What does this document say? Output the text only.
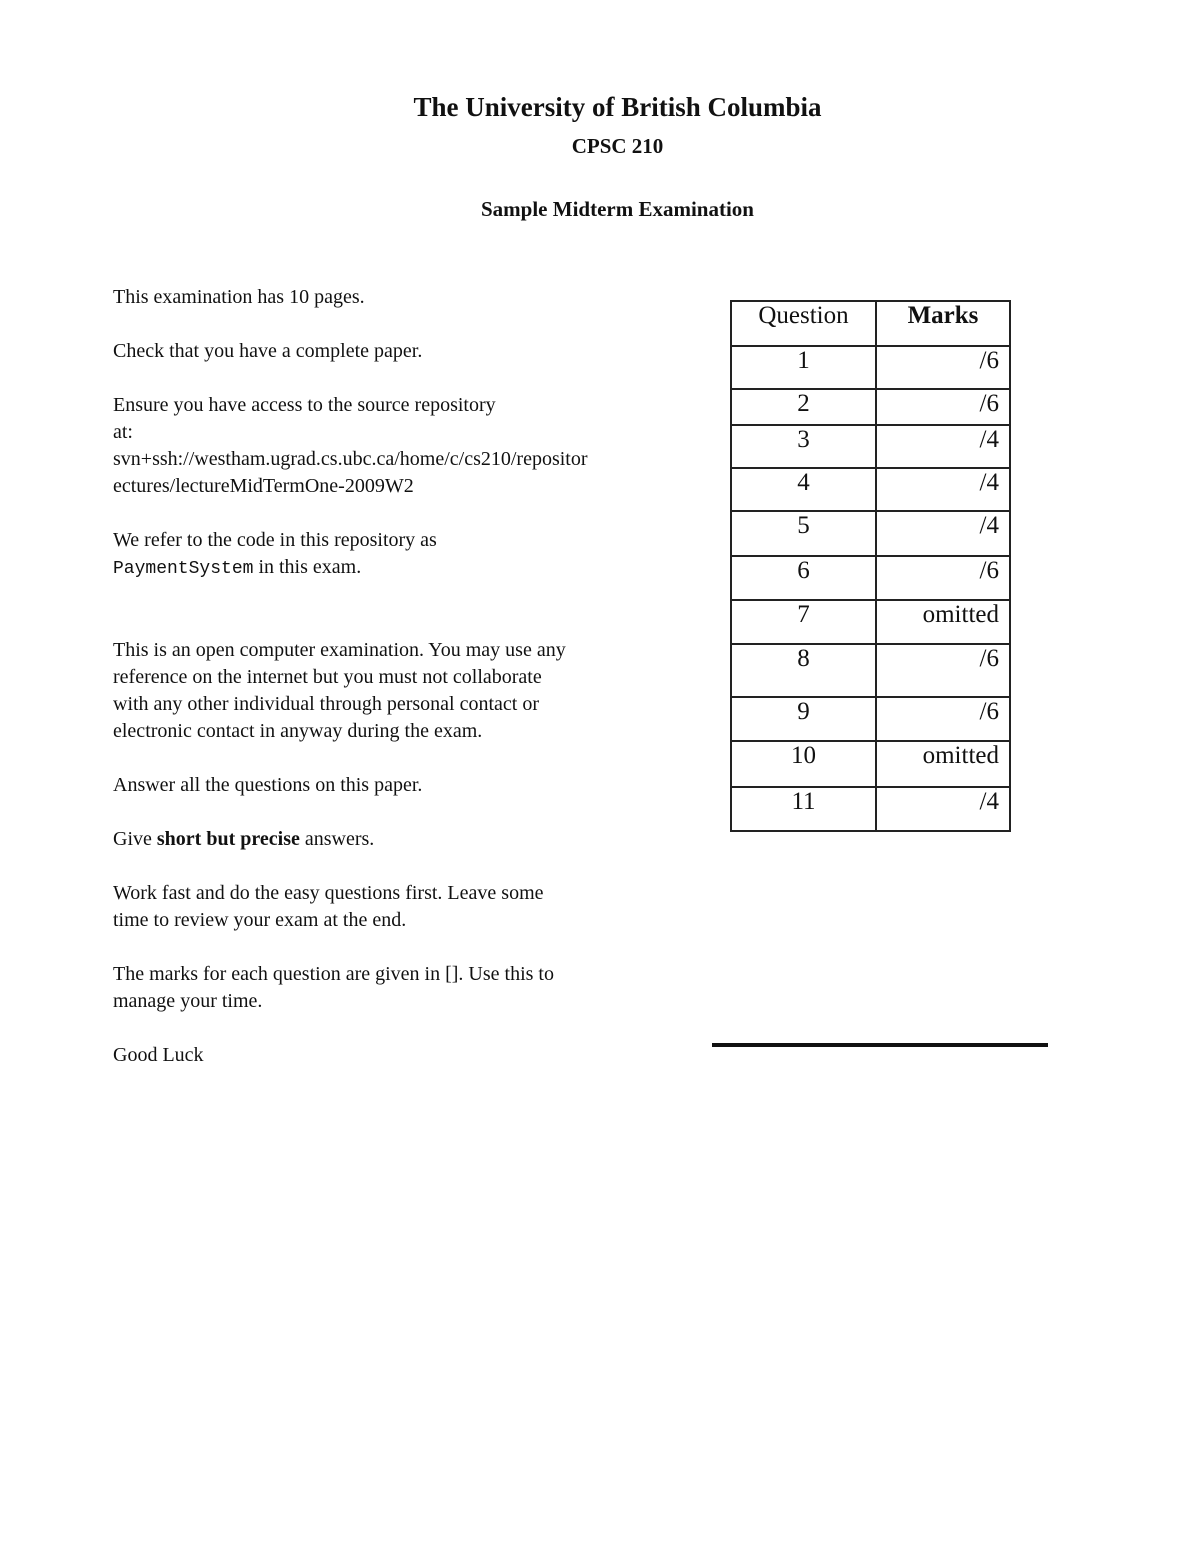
The University of British Columbia
CPSC 210
Sample Midterm Examination

This examination has 10 pages.

Check that you have a complete paper.

Ensure you have access to the source repository
at:
svn+ssh://westham.ugrad.cs.ubc.ca/home/c/cs210/repositor
ectures/lectureMidTermOne-2009W2

We refer to the code in this repository as
PaymentSystem in this exam.

This is an open computer examination. You may use any
reference on the internet but you must not collaborate
with any other individual through personal contact or
electronic contact in anyway during the exam.

Answer all the questions on this paper.

Give short but precise answers.

Work fast and do the easy questions first. Leave some
time to review your exam at the end.

The marks for each question are given in []. Use this to
manage your time.

Good Luck

Question	Marks
1	/6
2	/6
3	/4
4	/4
5	/4
6	/6
7	omitted
8	/6
9	/6
10	omitted
11	/4
